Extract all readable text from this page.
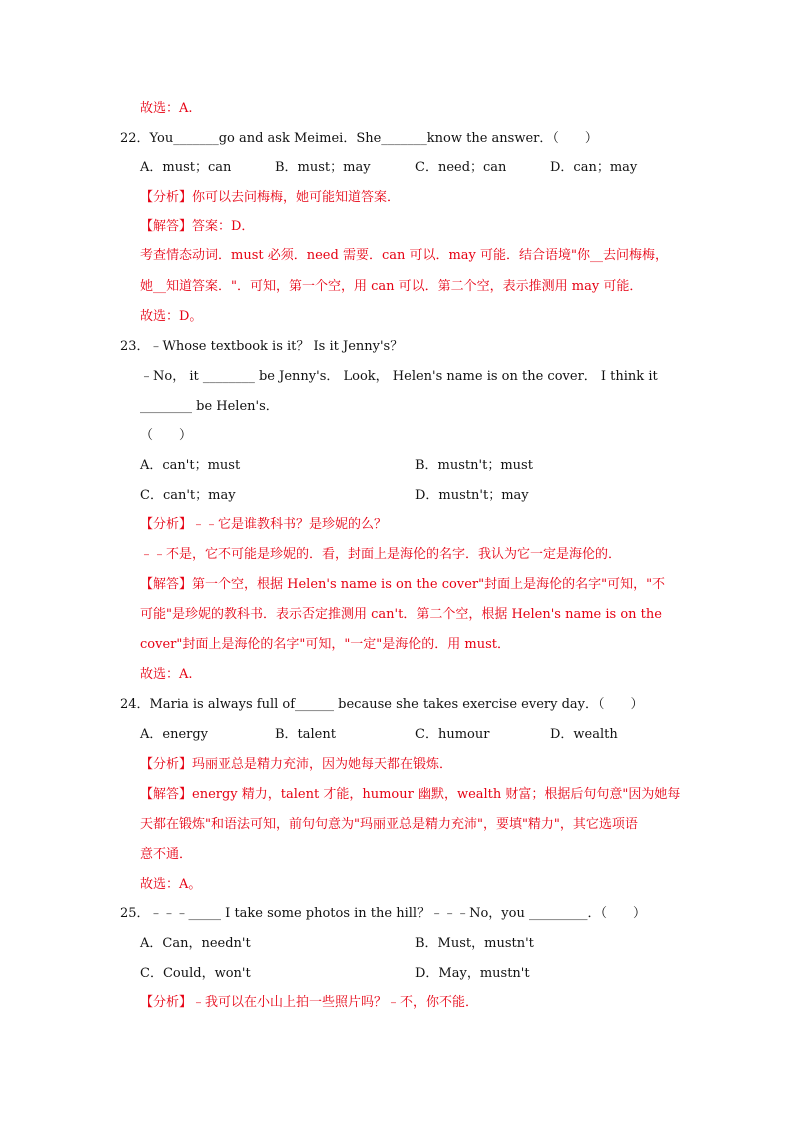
故选：A.
22．You_______go and ask Meimei．She_______know the answer．（　　）
A．must；can	B．must；may	C．need；can	D．can；may
【分析】你可以去问梅梅，她可能知道答案．
【解答】答案：D．
考查情态动词．must 必须．need 需要．can 可以．may 可能．结合语境"你__去问梅梅，
她__知道答案．"．可知，第一个空，用 can 可以．第二个空，表示推测用 may 可能．
故选：D。
23．﹣Whose textbook is it？ Is it Jenny's？
﹣No， it ________ be Jenny's． Look， Helen's name is on the cover． I think it
________ be Helen's．
（　　）
A．can't；must	B．mustn't；must
C．can't；may	D．mustn't；may
【分析】﹣﹣它是谁教科书？是珍妮的么？
﹣﹣不是，它不可能是珍妮的．看，封面上是海伦的名字．我认为它一定是海伦的．
【解答】第一个空，根据 Helen's name is on the cover"封面上是海伦的名字"可知，"不
可能"是珍妮的教科书．表示否定推测用 can't．第二个空，根据 Helen's name is on the
cover"封面上是海伦的名字"可知，"一定"是海伦的．用 must．
故选：A.
24．Maria is always full of______ because she takes exercise every day．（　　）
A．energy	B．talent	C．humour	D．wealth
【分析】玛丽亚总是精力充沛，因为她每天都在锻炼．
【解答】energy 精力，talent 才能，humour 幽默，wealth 财富；根据后句句意"因为她每
天都在锻炼"和语法可知，前句句意为"玛丽亚总是精力充沛"，要填"精力"，其它选项语
意不通．
故选：A。
25．﹣﹣﹣_____ I take some photos in the hill？﹣﹣﹣No，you _________．（　　）
A．Can，needn't	B．Must，mustn't
C．Could，won't	D．May，mustn't
【分析】﹣我可以在小山上拍一些照片吗？﹣不，你不能．
